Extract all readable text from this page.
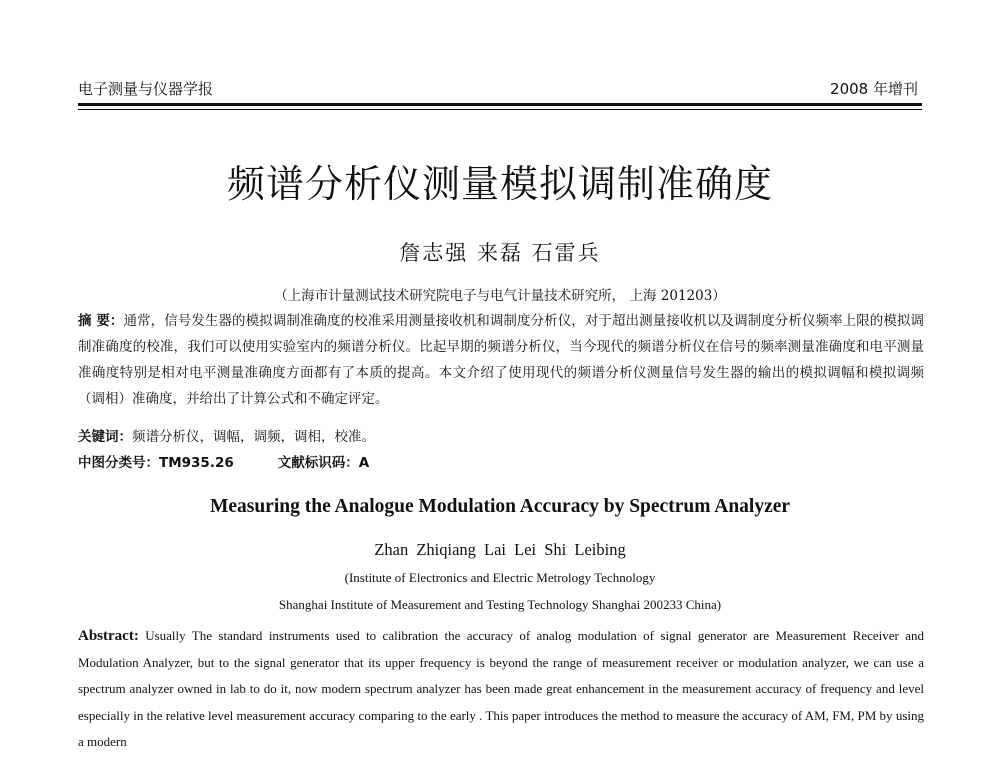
电子测量与仪器学报	2008 年增刊
频谱分析仪测量模拟调制准确度
詹志强 来磊 石雷兵
（上海市计量测试技术研究院电子与电气计量技术研究所， 上海 201203）
摘 要：通常，信号发生器的模拟调制准确度的校准采用测量接收机和调制度分析仪，对于超出测量接收机以及调制度分析仪频率上限的模拟调制准确度的校准，我们可以使用实验室内的频谱分析仪。比起早期的频谱分析仪，当今现代的频谱分析仪在信号的频率测量准确度和电平测量准确度特别是相对电平测量准确度方面都有了本质的提高。本文介绍了使用现代的频谱分析仪测量信号发生器的输出的模拟调幅和模拟调频（调相）准确度，并给出了计算公式和不确定评定。
关键词：频谱分析仪，调幅，调频，调相，校准。
中图分类号：TM935.26	文献标识码：A
Measuring the Analogue Modulation Accuracy by Spectrum Analyzer
Zhan Zhiqiang Lai Lei Shi Leibing
(Institute of Electronics and Electric Metrology Technology
Shanghai Institute of Measurement and Testing Technology Shanghai 200233 China)
Abstract: Usually The standard instruments used to calibration the accuracy of analog modulation of signal generator are Measurement Receiver and Modulation Analyzer, but to the signal generator that its upper frequency is beyond the range of measurement receiver or modulation analyzer, we can use a spectrum analyzer owned in lab to do it, now modern spectrum analyzer has been made great enhancement in the measurement accuracy of frequency and level especially in the relative level measurement accuracy comparing to the early . This paper introduces the method to measure the accuracy of AM, FM, PM by using a modern
